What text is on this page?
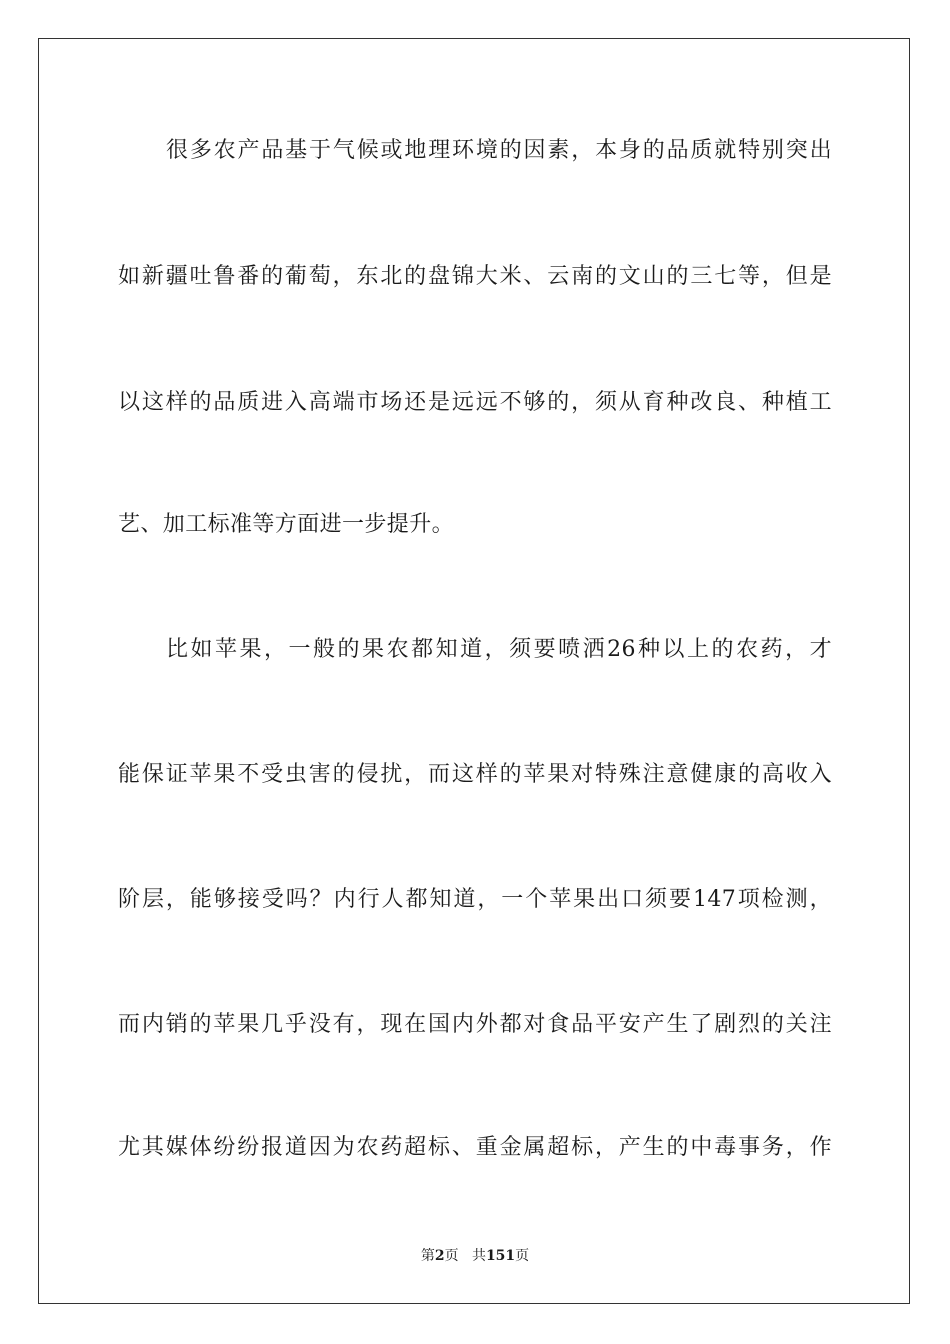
很多农产品基于气候或地理环境的因素，本身的品质就特别突出
如新疆吐鲁番的葡萄，东北的盘锦大米、云南的文山的三七等，但是
以这样的品质进入高端市场还是远远不够的，须从育种改良、种植工
艺、加工标准等方面进一步提升。
比如苹果，一般的果农都知道，须要喷洒26种以上的农药，才
能保证苹果不受虫害的侵扰，而这样的苹果对特殊注意健康的高收入
阶层，能够接受吗？内行人都知道，一个苹果出口须要147项检测，
而内销的苹果几乎没有，现在国内外都对食品平安产生了剧烈的关注
尤其媒体纷纷报道因为农药超标、重金属超标，产生的中毒事务，作
第2页 共151页
